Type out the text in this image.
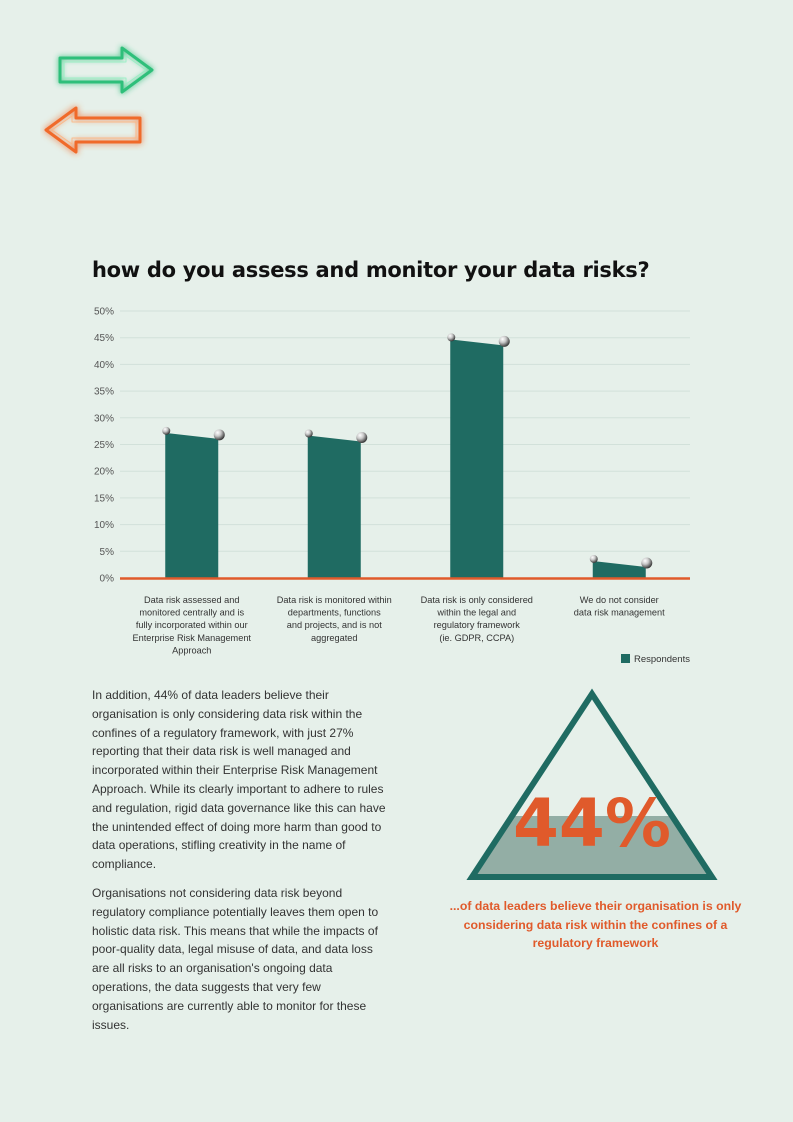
how do you assess and monitor your data risks?
0%
5%
10%
15%
20%
25%
30%
35%
40%
45%
50%
Data risk assessed and monitored centrally and is fully incorporated within our Enterprise Risk Management Approach
Data risk is monitored within departments, functions and projects, and is not aggregated
Data risk is only considered within the legal and regulatory framework (ie. GDPR, CCPA)
We do not consider data risk management
Respondents

In addition, 44% of data leaders believe their organisation is only considering data risk within the confines of a regulatory framework, with just 27% reporting that their data risk is well managed and incorporated within their Enterprise Risk Management Approach. While its clearly important to adhere to rules and regulation, rigid data governance like this can have the unintended effect of doing more harm than good to data operations, stifling creativity in the name of compliance.

Organisations not considering data risk beyond regulatory compliance potentially leaves them open to holistic data risk. This means that while the impacts of poor-quality data, legal misuse of data, and data loss are all risks to an organisation's ongoing data operations, the data suggests that very few organisations are currently able to monitor for these issues.

44%

...of data leaders believe their organisation is only considering data risk within the confines of a regulatory framework
